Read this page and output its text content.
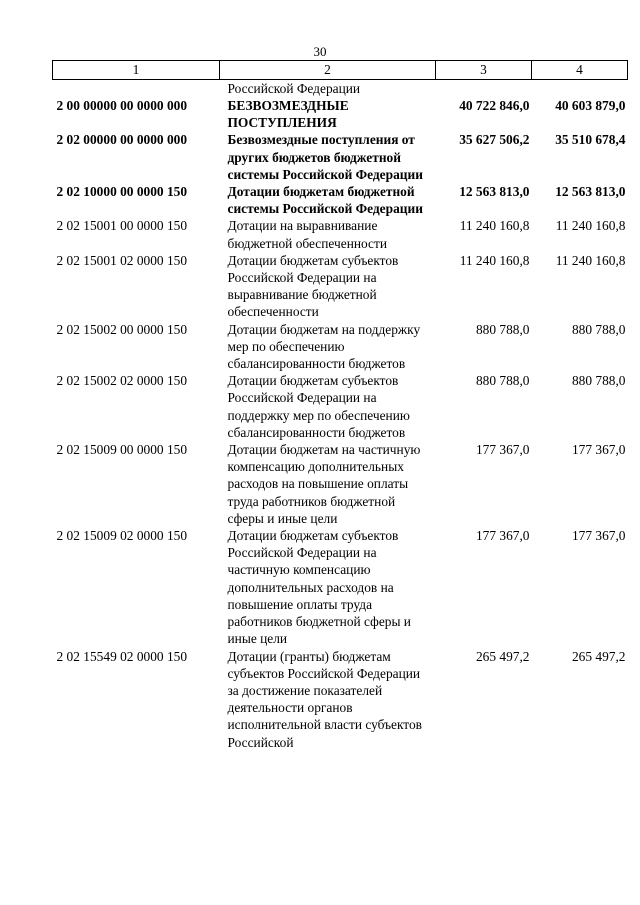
30
1	2	3	4
	Российской Федерации		
2 00 00000 00 0000 000	БЕЗВОЗМЕЗДНЫЕ ПОСТУПЛЕНИЯ	40 722 846,0	40 603 879,0
2 02 00000 00 0000 000	Безвозмездные поступления от других бюджетов бюджетной системы Российской Федерации	35 627 506,2	35 510 678,4
2 02 10000 00 0000 150	Дотации бюджетам бюджетной системы Российской Федерации	12 563 813,0	12 563 813,0
2 02 15001 00 0000 150	Дотации на выравнивание бюджетной обеспеченности	11 240 160,8	11 240 160,8
2 02 15001 02 0000 150	Дотации бюджетам субъектов Российской Федерации на выравнивание бюджетной обеспеченности	11 240 160,8	11 240 160,8
2 02 15002 00 0000 150	Дотации бюджетам на поддержку мер по обеспечению сбалансированности бюджетов	880 788,0	880 788,0
2 02 15002 02 0000 150	Дотации бюджетам субъектов Российской Федерации на поддержку мер по обеспечению сбалансированности бюджетов	880 788,0	880 788,0
2 02 15009 00 0000 150	Дотации бюджетам на частичную компенсацию дополнительных расходов на повышение оплаты труда работников бюджетной сферы и иные цели	177 367,0	177 367,0
2 02 15009 02 0000 150	Дотации бюджетам субъектов Российской Федерации на частичную компенсацию дополнительных расходов на повышение оплаты труда работников бюджетной сферы и иные цели	177 367,0	177 367,0
2 02 15549 02 0000 150	Дотации (гранты) бюджетам субъектов Российской Федерации за достижение показателей деятельности органов исполнительной власти субъектов Российской	265 497,2	265 497,2
